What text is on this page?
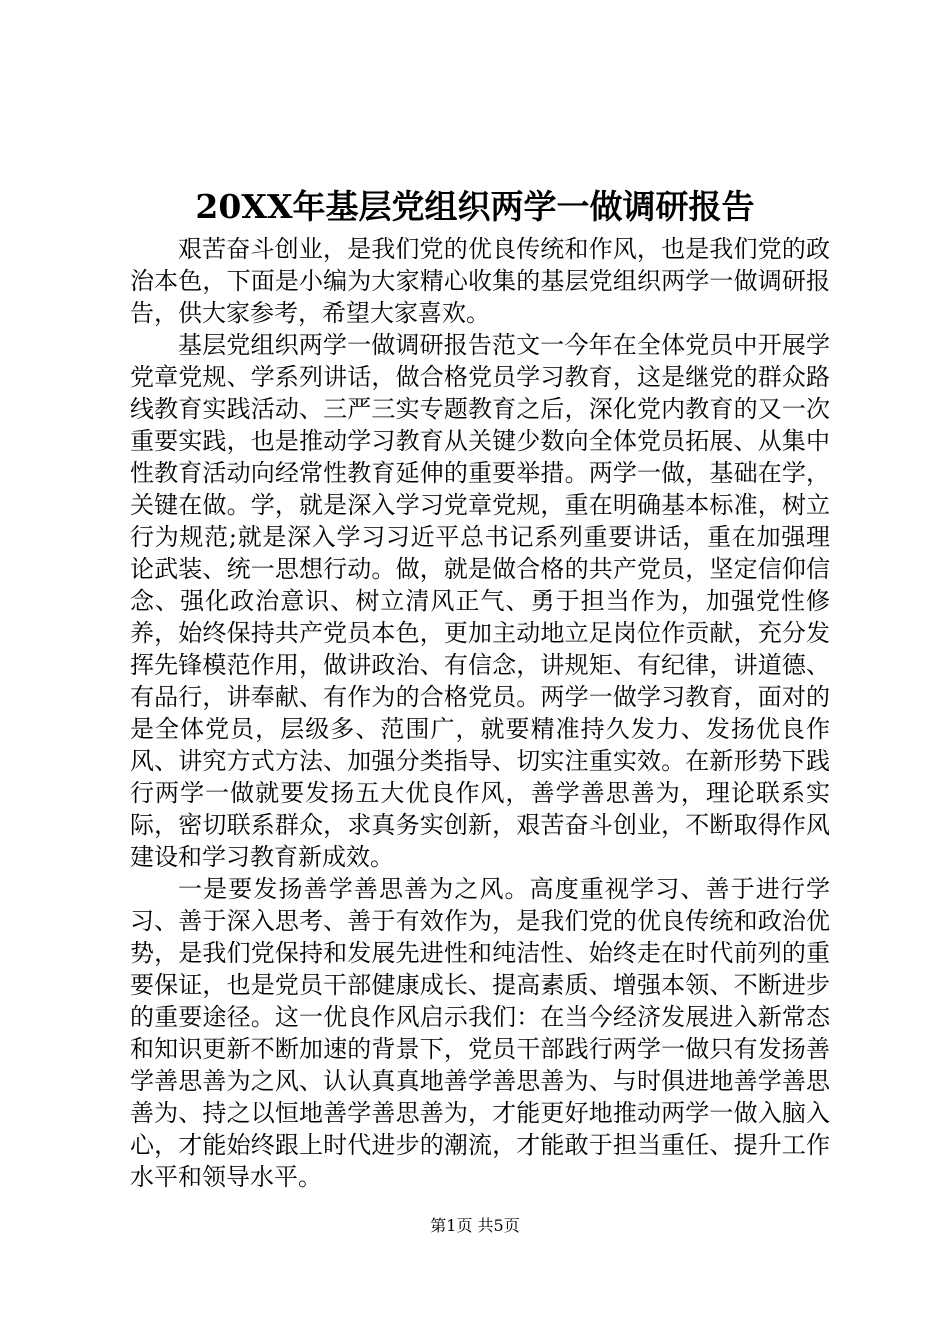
20XX年基层党组织两学一做调研报告

艰苦奋斗创业，是我们党的优良传统和作风，也是我们党的政治本色，下面是小编为大家精心收集的基层党组织两学一做调研报告，供大家参考，希望大家喜欢。

基层党组织两学一做调研报告范文一今年在全体党员中开展学党章党规、学系列讲话，做合格党员学习教育，这是继党的群众路线教育实践活动、三严三实专题教育之后，深化党内教育的又一次重要实践，也是推动学习教育从关键少数向全体党员拓展、从集中性教育活动向经常性教育延伸的重要举措。两学一做，基础在学，关键在做。学，就是深入学习党章党规，重在明确基本标准，树立行为规范;就是深入学习习近平总书记系列重要讲话，重在加强理论武装、统一思想行动。做，就是做合格的共产党员，坚定信仰信念、强化政治意识、树立清风正气、勇于担当作为，加强党性修养，始终保持共产党员本色，更加主动地立足岗位作贡献，充分发挥先锋模范作用，做讲政治、有信念，讲规矩、有纪律，讲道德、有品行，讲奉献、有作为的合格党员。两学一做学习教育，面对的是全体党员，层级多、范围广，就要精准持久发力、发扬优良作风、讲究方式方法、加强分类指导、切实注重实效。在新形势下践行两学一做就要发扬五大优良作风，善学善思善为，理论联系实际，密切联系群众，求真务实创新，艰苦奋斗创业，不断取得作风建设和学习教育新成效。

一是要发扬善学善思善为之风。高度重视学习、善于进行学习、善于深入思考、善于有效作为，是我们党的优良传统和政治优势，是我们党保持和发展先进性和纯洁性、始终走在时代前列的重要保证，也是党员干部健康成长、提高素质、增强本领、不断进步的重要途径。这一优良作风启示我们：在当今经济发展进入新常态和知识更新不断加速的背景下，党员干部践行两学一做只有发扬善学善思善为之风、认认真真地善学善思善为、与时俱进地善学善思善为、持之以恒地善学善思善为，才能更好地推动两学一做入脑入心，才能始终跟上时代进步的潮流，才能敢于担当重任、提升工作水平和领导水平。

第1页 共5页
